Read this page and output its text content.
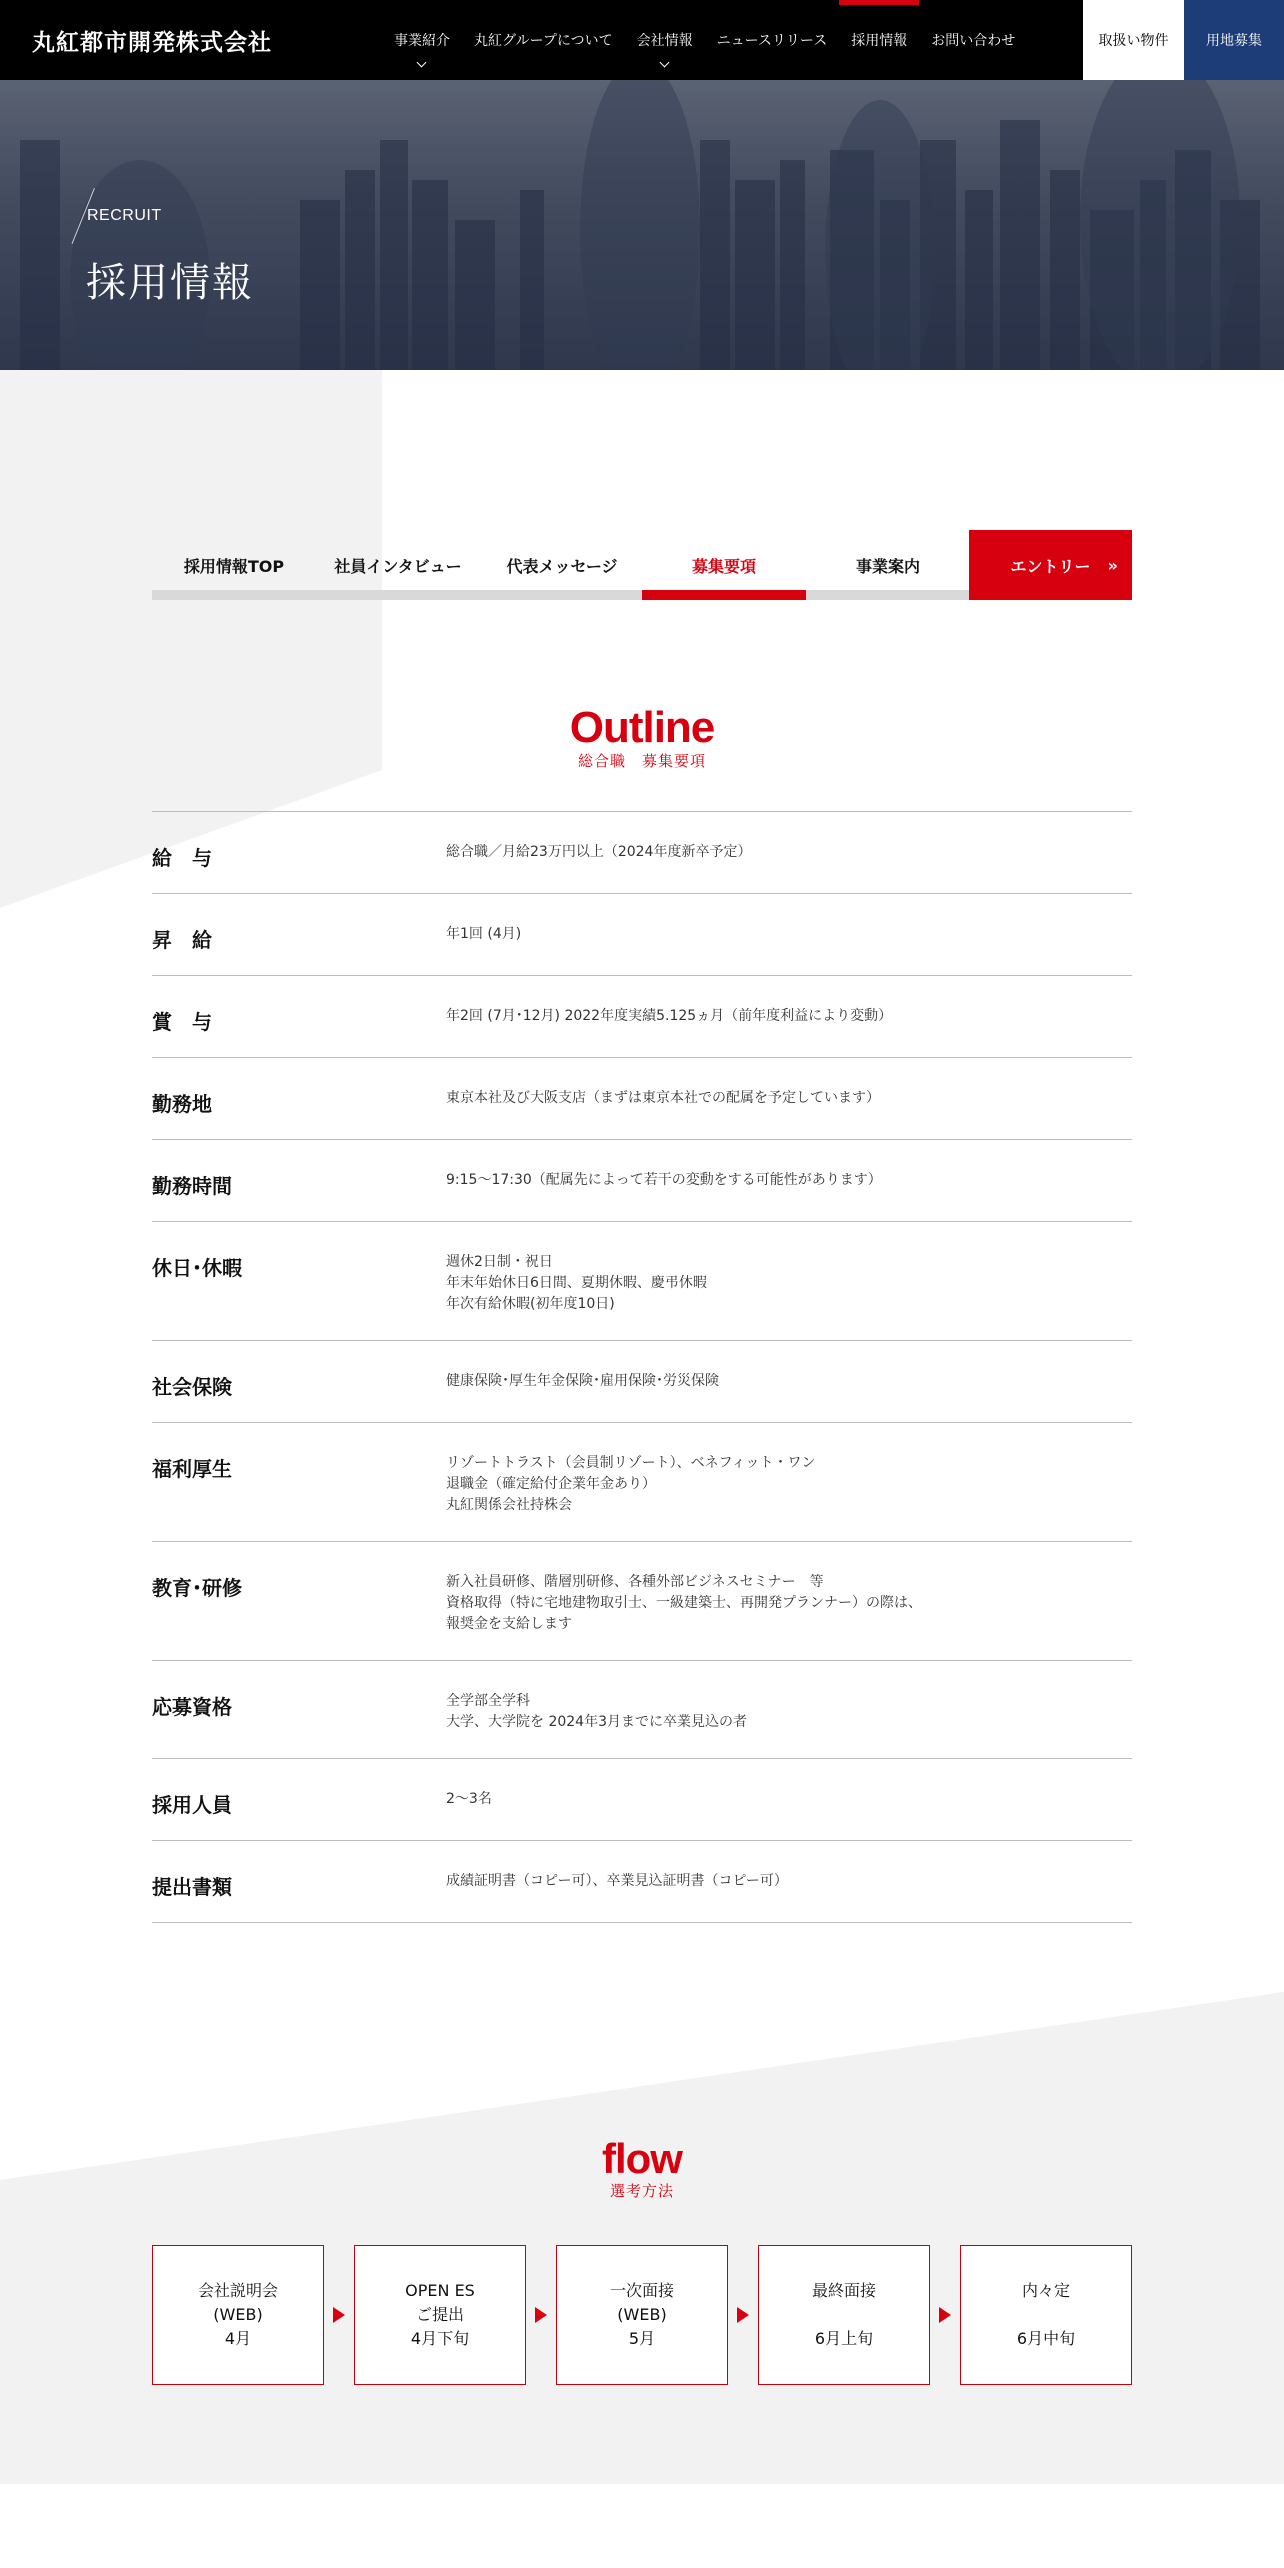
丸紅都市開発株式会社	事業紹介 丸紅グループについて 会社情報 ニュースリリース 採用情報 お問い合わせ	取扱い物件	用地募集
RECRUIT
採用情報
採用情報TOP	社員インタビュー	代表メッセージ	募集要項	事業案内	エントリー »
Outline
総合職　募集要項
給　与	総合職／月給23万円以上（2024年度新卒予定）
昇　給	年1回 (4月)
賞　与	年2回 (7月･12月) 2022年度実績5.125ヵ月（前年度利益により変動）
勤務地	東京本社及び大阪支店（まずは東京本社での配属を予定しています）
勤務時間	9:15～17:30（配属先によって若干の変動をする可能性があります）
休日･休暇	週休2日制・祝日
年末年始休日6日間、夏期休暇、慶弔休暇
年次有給休暇(初年度10日)
社会保険	健康保険･厚生年金保険･雇用保険･労災保険
福利厚生	リゾートトラスト（会員制リゾート）、ベネフィット・ワン
退職金（確定給付企業年金あり）
丸紅関係会社持株会
教育･研修	新入社員研修、階層別研修、各種外部ビジネスセミナー　等
資格取得（特に宅地建物取引士、一級建築士、再開発プランナー）の際は、
報奨金を支給します
応募資格	全学部全学科
大学、大学院を 2024年3月までに卒業見込の者
採用人員	2～3名
提出書類	成績証明書（コピー可）、卒業見込証明書（コピー可）
flow
選考方法
会社説明会
(WEB)
4月
OPEN ES
ご提出
4月下旬
一次面接
(WEB)
5月
最終面接

6月上旬
内々定

6月中旬
